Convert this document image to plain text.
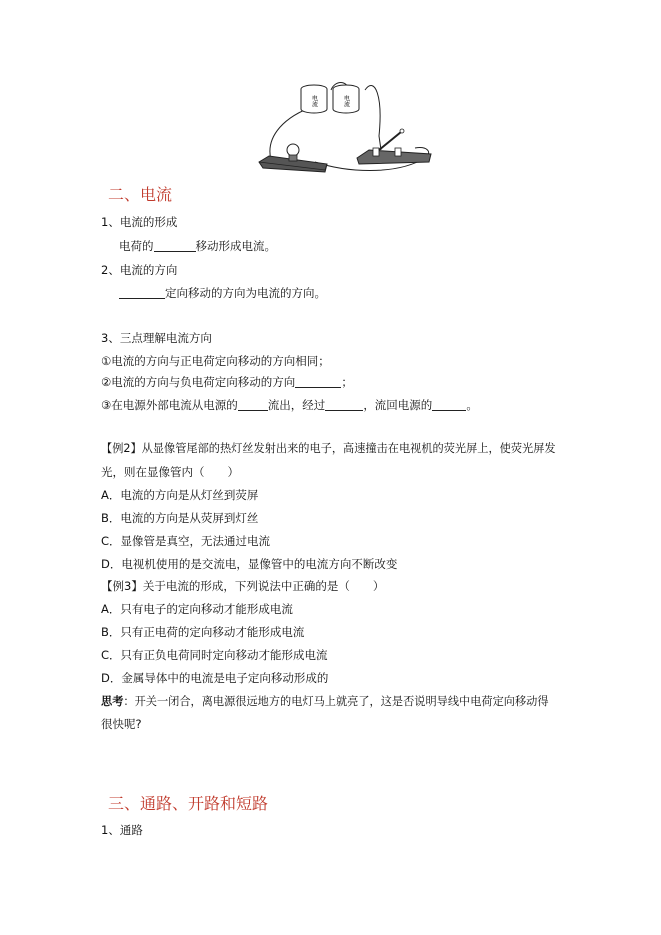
电流	电流
二、电流
1、电流的形成
电荷的	移动形成电流。
2、电流的方向
定向移动的方向为电流的方向。
3、三点理解电流方向
①电流的方向与正电荷定向移动的方向相同；
②电流的方向与负电荷定向移动的方向	；
③在电源外部电流从电源的	流出，经过	，流回电源的	。
【例2】从显像管尾部的热灯丝发射出来的电子，高速撞击在电视机的荧光屏上，使荧光屏发
光，则在显像管内（　　）
A．电流的方向是从灯丝到荧屏
B．电流的方向是从荧屏到灯丝
C．显像管是真空，无法通过电流
D．电视机使用的是交流电，显像管中的电流方向不断改变
【例3】关于电流的形成，下列说法中正确的是（　　）
A．只有电子的定向移动才能形成电流
B．只有正电荷的定向移动才能形成电流
C．只有正负电荷同时定向移动才能形成电流
D．金属导体中的电流是电子定向移动形成的
思考：开关一闭合，离电源很远地方的电灯马上就亮了，这是否说明导线中电荷定向移动得
很快呢?
三、通路、开路和短路
1、通路
